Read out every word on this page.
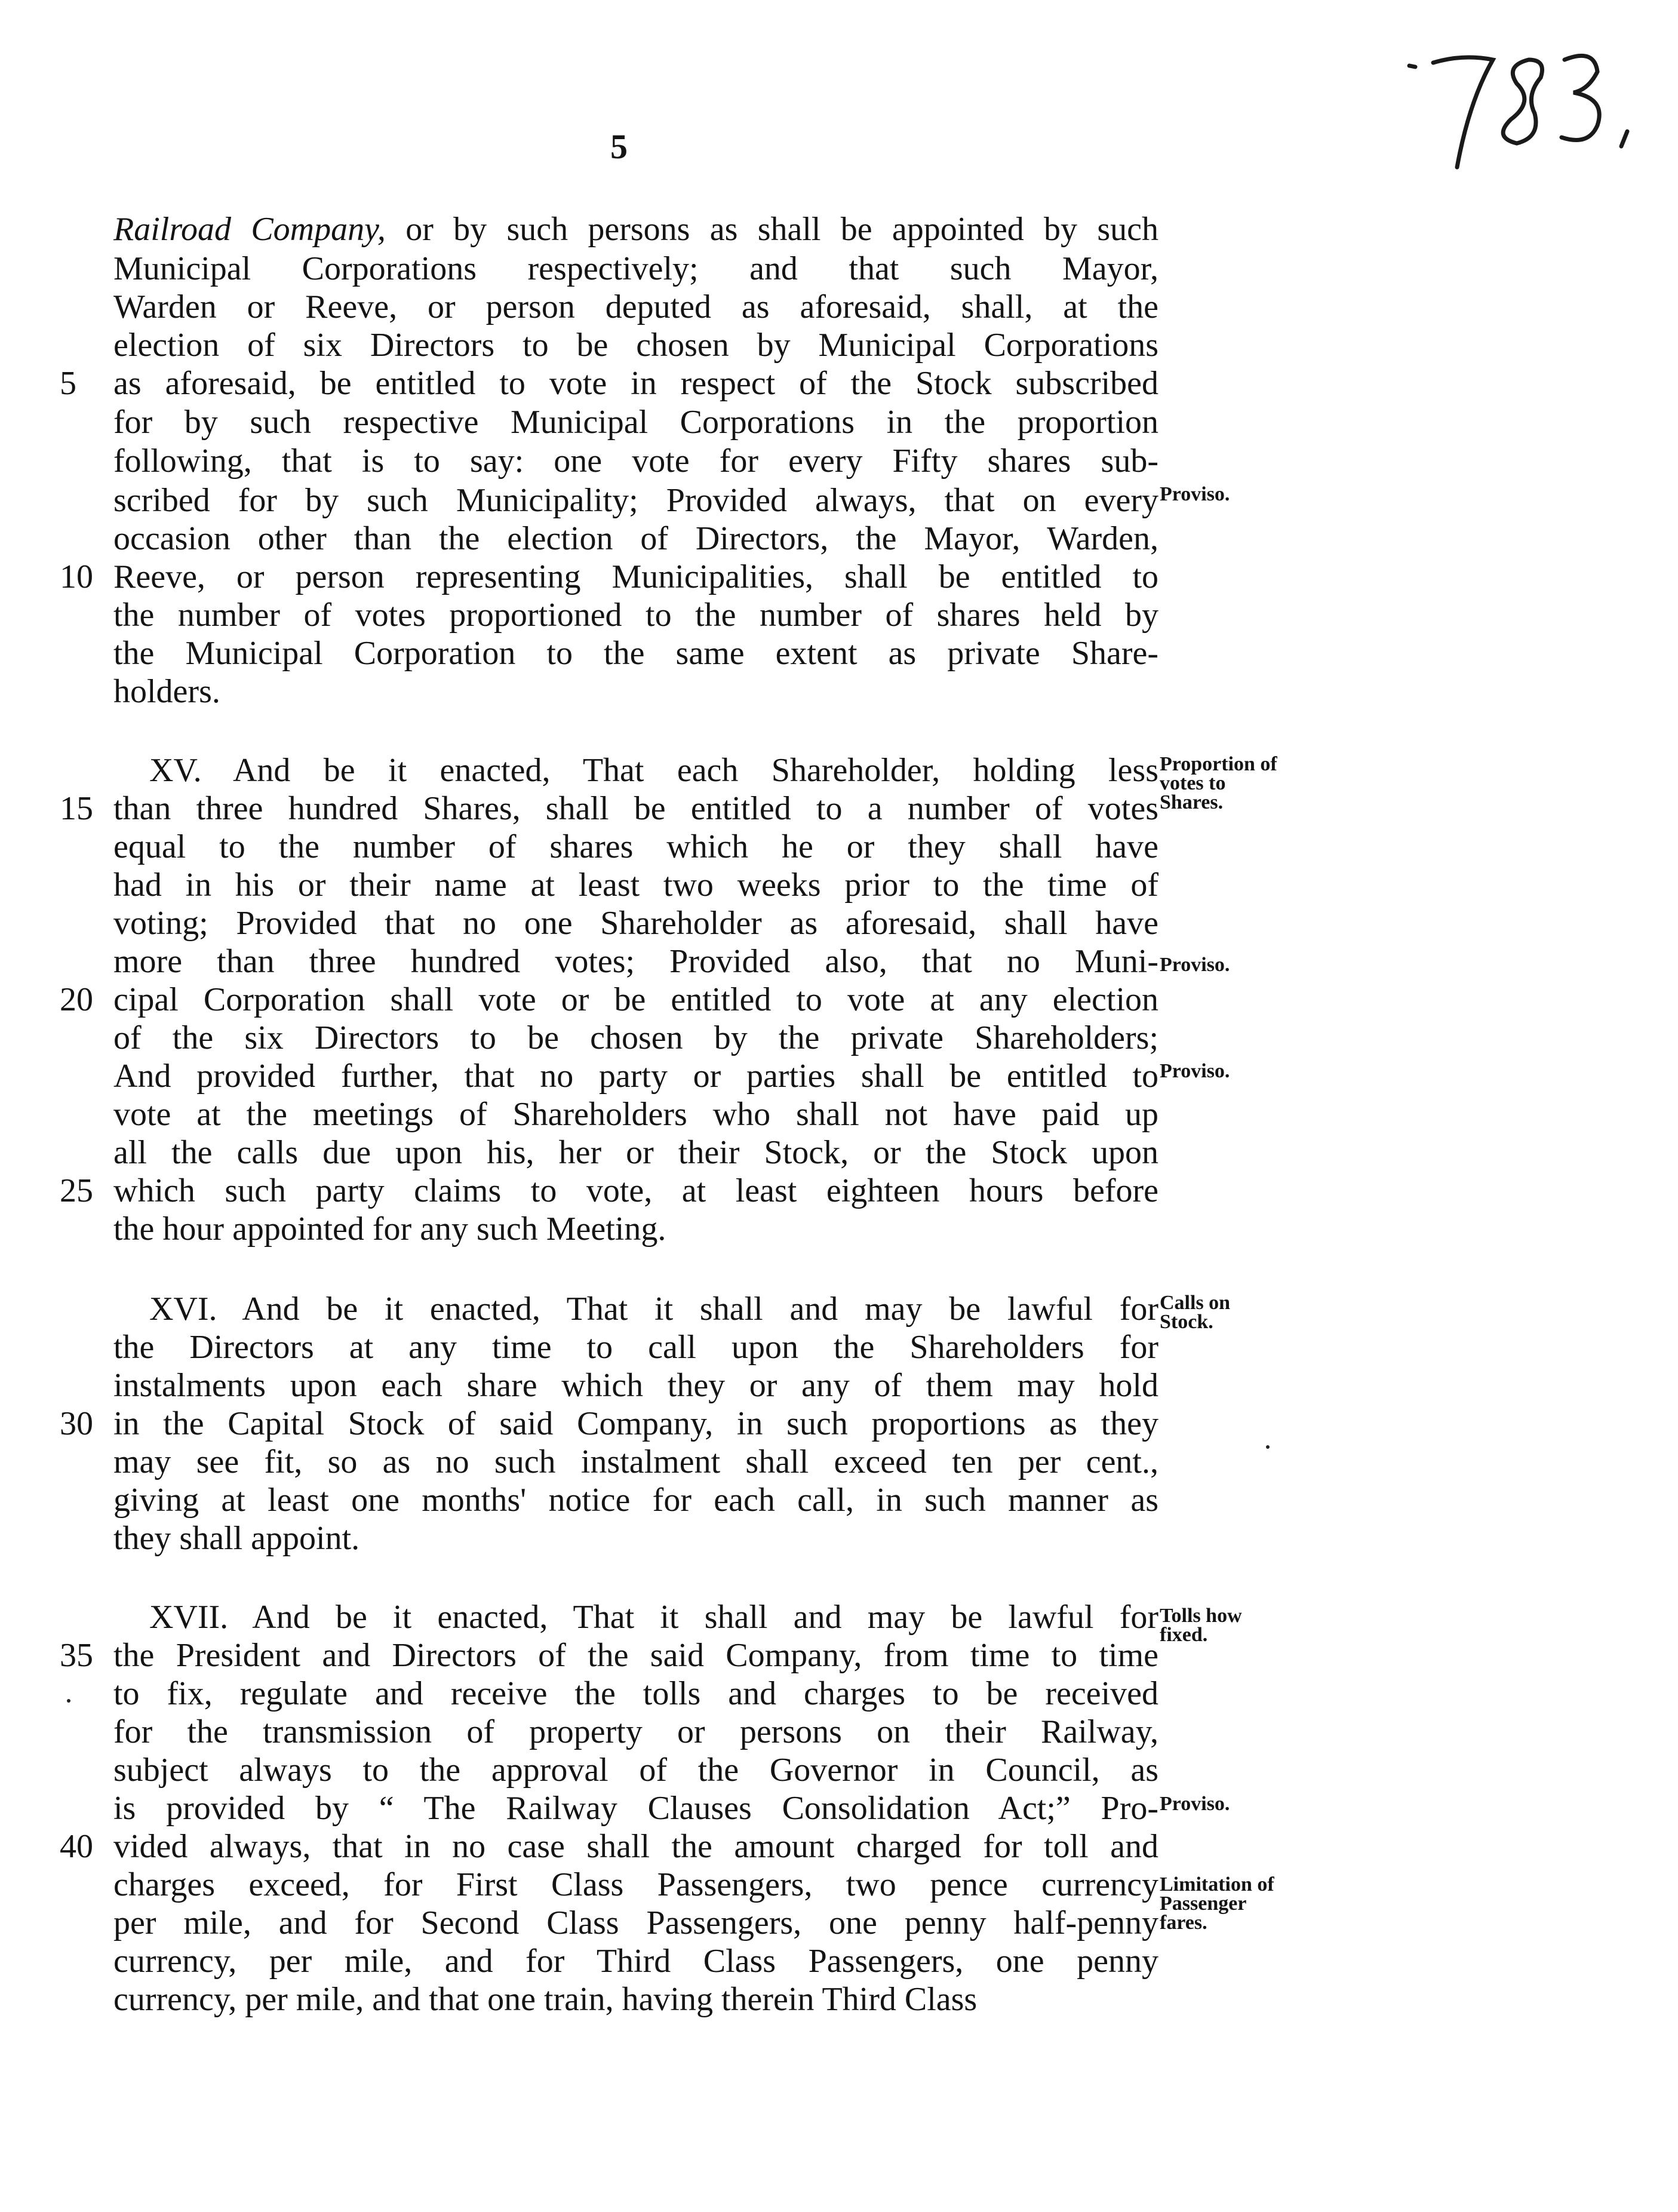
5
Railroad Company, or by such persons as shall be appointed by such
Municipal Corporations respectively; and that such Mayor,
Warden or Reeve, or person deputed as aforesaid, shall, at the
election of six Directors to be chosen by Municipal Corporations
as aforesaid, be entitled to vote in respect of the Stock subscribed
5
for by such respective Municipal Corporations in the proportion
following, that is to say: one vote for every Fifty shares sub-
scribed for by such Municipality; Provided always, that on every
occasion other than the election of Directors, the Mayor, Warden,
Reeve, or person representing Municipalities, shall be entitled to
10
the number of votes proportioned to the number of shares held by
the Municipal Corporation to the same extent as private Share-
holders.
XV. And be it enacted, That each Shareholder, holding less
than three hundred Shares, shall be entitled to a number of votes
15
equal to the number of shares which he or they shall have
had in his or their name at least two weeks prior to the time of
voting; Provided that no one Shareholder as aforesaid, shall have
more than three hundred votes; Provided also, that no Muni-
cipal Corporation shall vote or be entitled to vote at any election
20
of the six Directors to be chosen by the private Shareholders;
And provided further, that no party or parties shall be entitled to
vote at the meetings of Shareholders who shall not have paid up
all the calls due upon his, her or their Stock, or the Stock upon
which such party claims to vote, at least eighteen hours before
25
the hour appointed for any such Meeting.
XVI. And be it enacted, That it shall and may be lawful for
the Directors at any time to call upon the Shareholders for
instalments upon each share which they or any of them may hold
in the Capital Stock of said Company, in such proportions as they
30
may see fit, so as no such instalment shall exceed ten per cent.,
giving at least one months' notice for each call, in such manner as
they shall appoint.
XVII. And be it enacted, That it shall and may be lawful for
the President and Directors of the said Company, from time to time
35
to fix, regulate and receive the tolls and charges to be received
for the transmission of property or persons on their Railway,
subject always to the approval of the Governor in Council, as
is provided by “ The Railway Clauses Consolidation Act;” Pro-
vided always, that in no case shall the amount charged for toll and
40
charges exceed, for First Class Passengers, two pence currency
per mile, and for Second Class Passengers, one penny half-penny
currency, per mile, and for Third Class Passengers, one penny
currency, per mile, and that one train, having therein Third Class
Proviso.
Proportion of
votes to
Shares.
Proviso.
Proviso.
Calls on
Stock.
Tolls how
fixed.
Proviso.
Limitation of
Passenger
fares.
